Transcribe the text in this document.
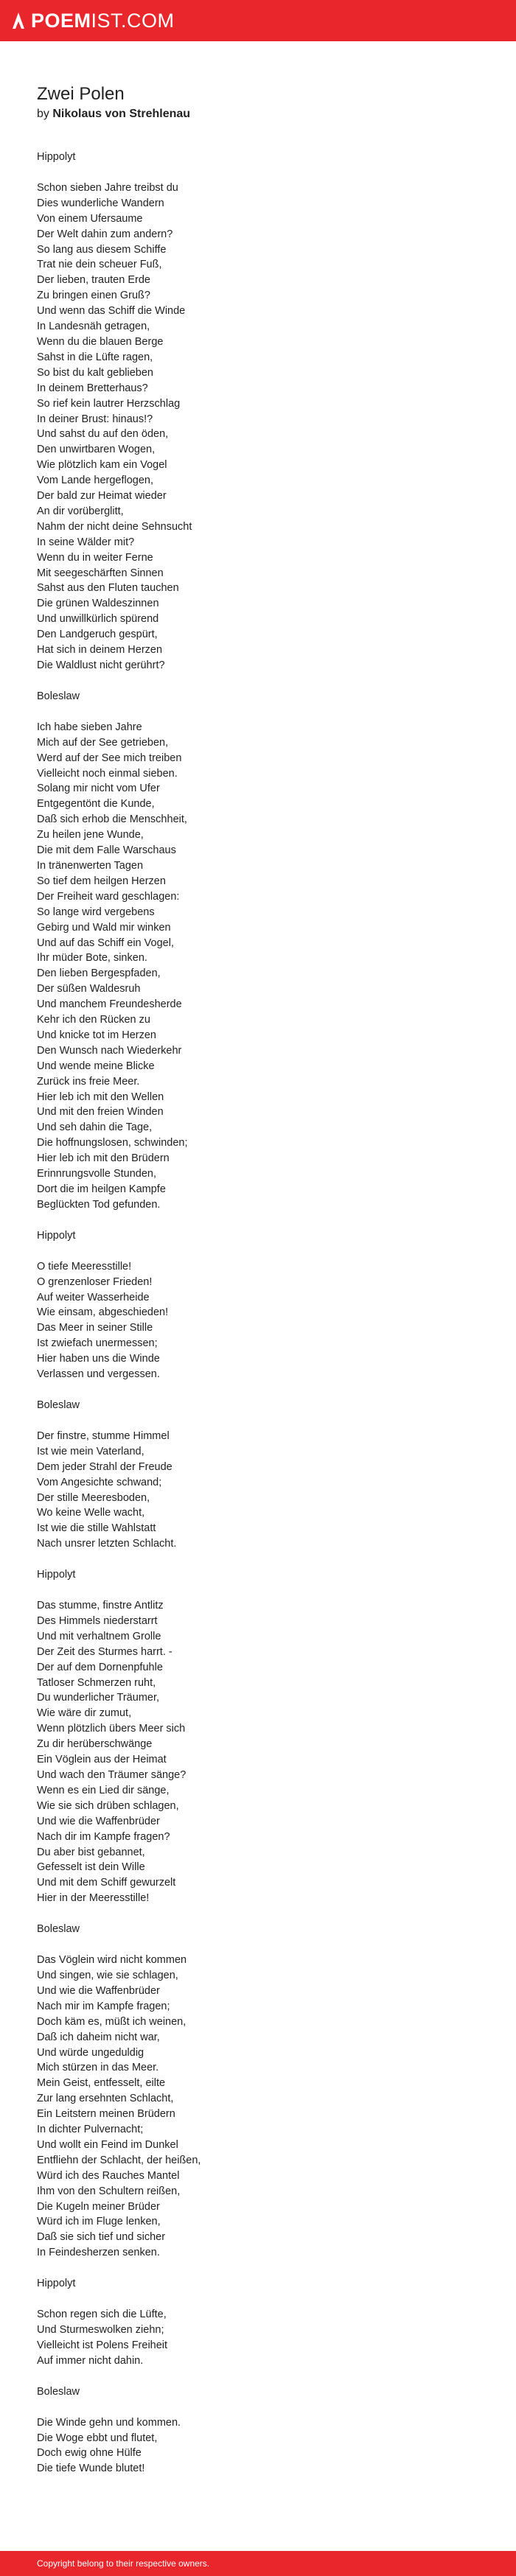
POEMIST.COM
Zwei Polen
by Nikolaus von Strehlenau
Hippolyt
Schon sieben Jahre treibst du
Dies wunderliche Wandern
Von einem Ufersaume
Der Welt dahin zum andern?
So lang aus diesem Schiffe
Trat nie dein scheuer Fuß,
Der lieben, trauten Erde
Zu bringen einen Gruß?
Und wenn das Schiff die Winde
In Landesnäh getragen,
Wenn du die blauen Berge
Sahst in die Lüfte ragen,
So bist du kalt geblieben
In deinem Bretterhaus?
So rief kein lautrer Herzschlag
In deiner Brust: hinaus!?
Und sahst du auf den öden,
Den unwirtbaren Wogen,
Wie plötzlich kam ein Vogel
Vom Lande hergeflogen,
Der bald zur Heimat wieder
An dir vorüberglitt,
Nahm der nicht deine Sehnsucht
In seine Wälder mit?
Wenn du in weiter Ferne
Mit seegeschärften Sinnen
Sahst aus den Fluten tauchen
Die grünen Waldeszinnen
Und unwillkürlich spürend
Den Landgeruch gespürt,
Hat sich in deinem Herzen
Die Waldlust nicht gerührt?
Boleslaw
Ich habe sieben Jahre
Mich auf der See getrieben,
Werd auf der See mich treiben
Vielleicht noch einmal sieben.
Solang mir nicht vom Ufer
Entgegentönt die Kunde,
Daß sich erhob die Menschheit,
Zu heilen jene Wunde,
Die mit dem Falle Warschaus
In tränenwerten Tagen
So tief dem heilgen Herzen
Der Freiheit ward geschlagen:
So lange wird vergebens
Gebirg und Wald mir winken
Und auf das Schiff ein Vogel,
Ihr müder Bote, sinken.
Den lieben Bergespfaden,
Der süßen Waldesruh
Und manchem Freundesherde
Kehr ich den Rücken zu
Und knicke tot im Herzen
Den Wunsch nach Wiederkehr
Und wende meine Blicke
Zurück ins freie Meer.
Hier leb ich mit den Wellen
Und mit den freien Winden
Und seh dahin die Tage,
Die hoffnungslosen, schwinden;
Hier leb ich mit den Brüdern
Erinnrungsvolle Stunden,
Dort die im heilgen Kampfe
Beglückten Tod gefunden.
Hippolyt
O tiefe Meeresstille!
O grenzenloser Frieden!
Auf weiter Wasserheide
Wie einsam, abgeschieden!
Das Meer in seiner Stille
Ist zwiefach unermessen;
Hier haben uns die Winde
Verlassen und vergessen.
Boleslaw
Der finstre, stumme Himmel
Ist wie mein Vaterland,
Dem jeder Strahl der Freude
Vom Angesichte schwand;
Der stille Meeresboden,
Wo keine Welle wacht,
Ist wie die stille Wahlstatt
Nach unsrer letzten Schlacht.
Hippolyt
Das stumme, finstre Antlitz
Des Himmels niederstarrt
Und mit verhaltnem Grolle
Der Zeit des Sturmes harrt. -
Der auf dem Dornenpfuhle
Tatloser Schmerzen ruht,
Du wunderlicher Träumer,
Wie wäre dir zumut,
Wenn plötzlich übers Meer sich
Zu dir herüberschwänge
Ein Vöglein aus der Heimat
Und wach den Träumer sänge?
Wenn es ein Lied dir sänge,
Wie sie sich drüben schlagen,
Und wie die Waffenbrüder
Nach dir im Kampfe fragen?
Du aber bist gebannet,
Gefesselt ist dein Wille
Und mit dem Schiff gewurzelt
Hier in der Meeresstille!
Boleslaw
Das Vöglein wird nicht kommen
Und singen, wie sie schlagen,
Und wie die Waffenbrüder
Nach mir im Kampfe fragen;
Doch käm es, müßt ich weinen,
Daß ich daheim nicht war,
Und würde ungeduldig
Mich stürzen in das Meer.
Mein Geist, entfesselt, eilte
Zur lang ersehnten Schlacht,
Ein Leitstern meinen Brüdern
In dichter Pulvernacht;
Und wollt ein Feind im Dunkel
Entfliehn der Schlacht, der heißen,
Würd ich des Rauches Mantel
Ihm von den Schultern reißen,
Die Kugeln meiner Brüder
Würd ich im Fluge lenken,
Daß sie sich tief und sicher
In Feindesherzen senken.
Hippolyt
Schon regen sich die Lüfte,
Und Sturmeswolken ziehn;
Vielleicht ist Polens Freiheit
Auf immer nicht dahin.
Boleslaw
Die Winde gehn und kommen.
Die Woge ebbt und flutet,
Doch ewig ohne Hülfe
Die tiefe Wunde blutet!
Copyright belong to their respective owners.
